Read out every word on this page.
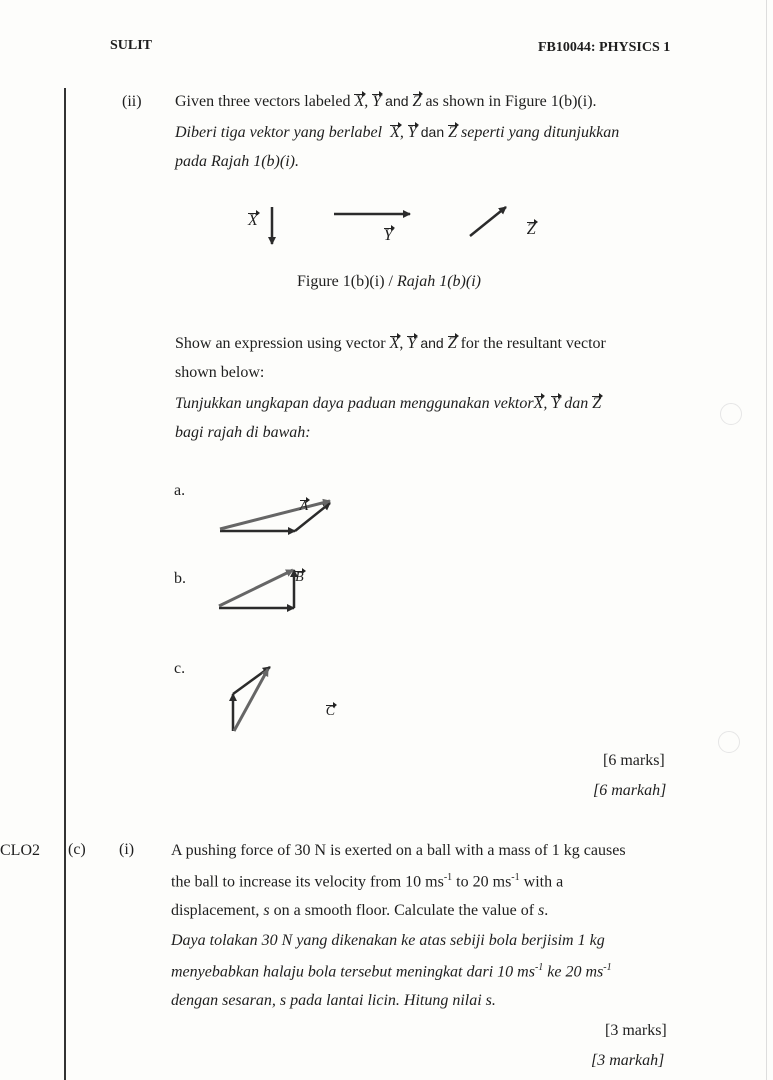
SULIT	FB10044: PHYSICS 1
(ii) Given three vectors labeled X, Y and Z as shown in Figure 1(b)(i).
Diberi tiga vektor yang berlabel X, Y dan Z seperti yang ditunjukkan
pada Rajah 1(b)(i).
X Y	Z
Figure 1(b)(i) / Rajah 1(b)(i)
Show an expression using vector X, Y and Z for the resultant vector
shown below:
Tunjukkan ungkapan daya paduan menggunakan vektorX, Y dan Z
bagi rajah di bawah:
a.
A
b.	B
c.
C
[6 marks]
[6 markah]
CLO2 (c) (i) A pushing force of 30 N is exerted on a ball with a mass of 1 kg causes
the ball to increase its velocity from 10 $ms^{-1}$ to 20 $ms^{-1}$ with a
displacement, s on a smooth floor. Calculate the value of s.
Daya tolakan 30 N yang dikenakan ke atas sebiji bola berjisim 1 kg
menyebabkan halaju bola tersebut meningkat dari 10 $ms^{-1}$ ke 20 $ms^{-1}$
dengan sesaran, s pada lantai licin. Hitung nilai s.
[3 marks]
[3 markah]
